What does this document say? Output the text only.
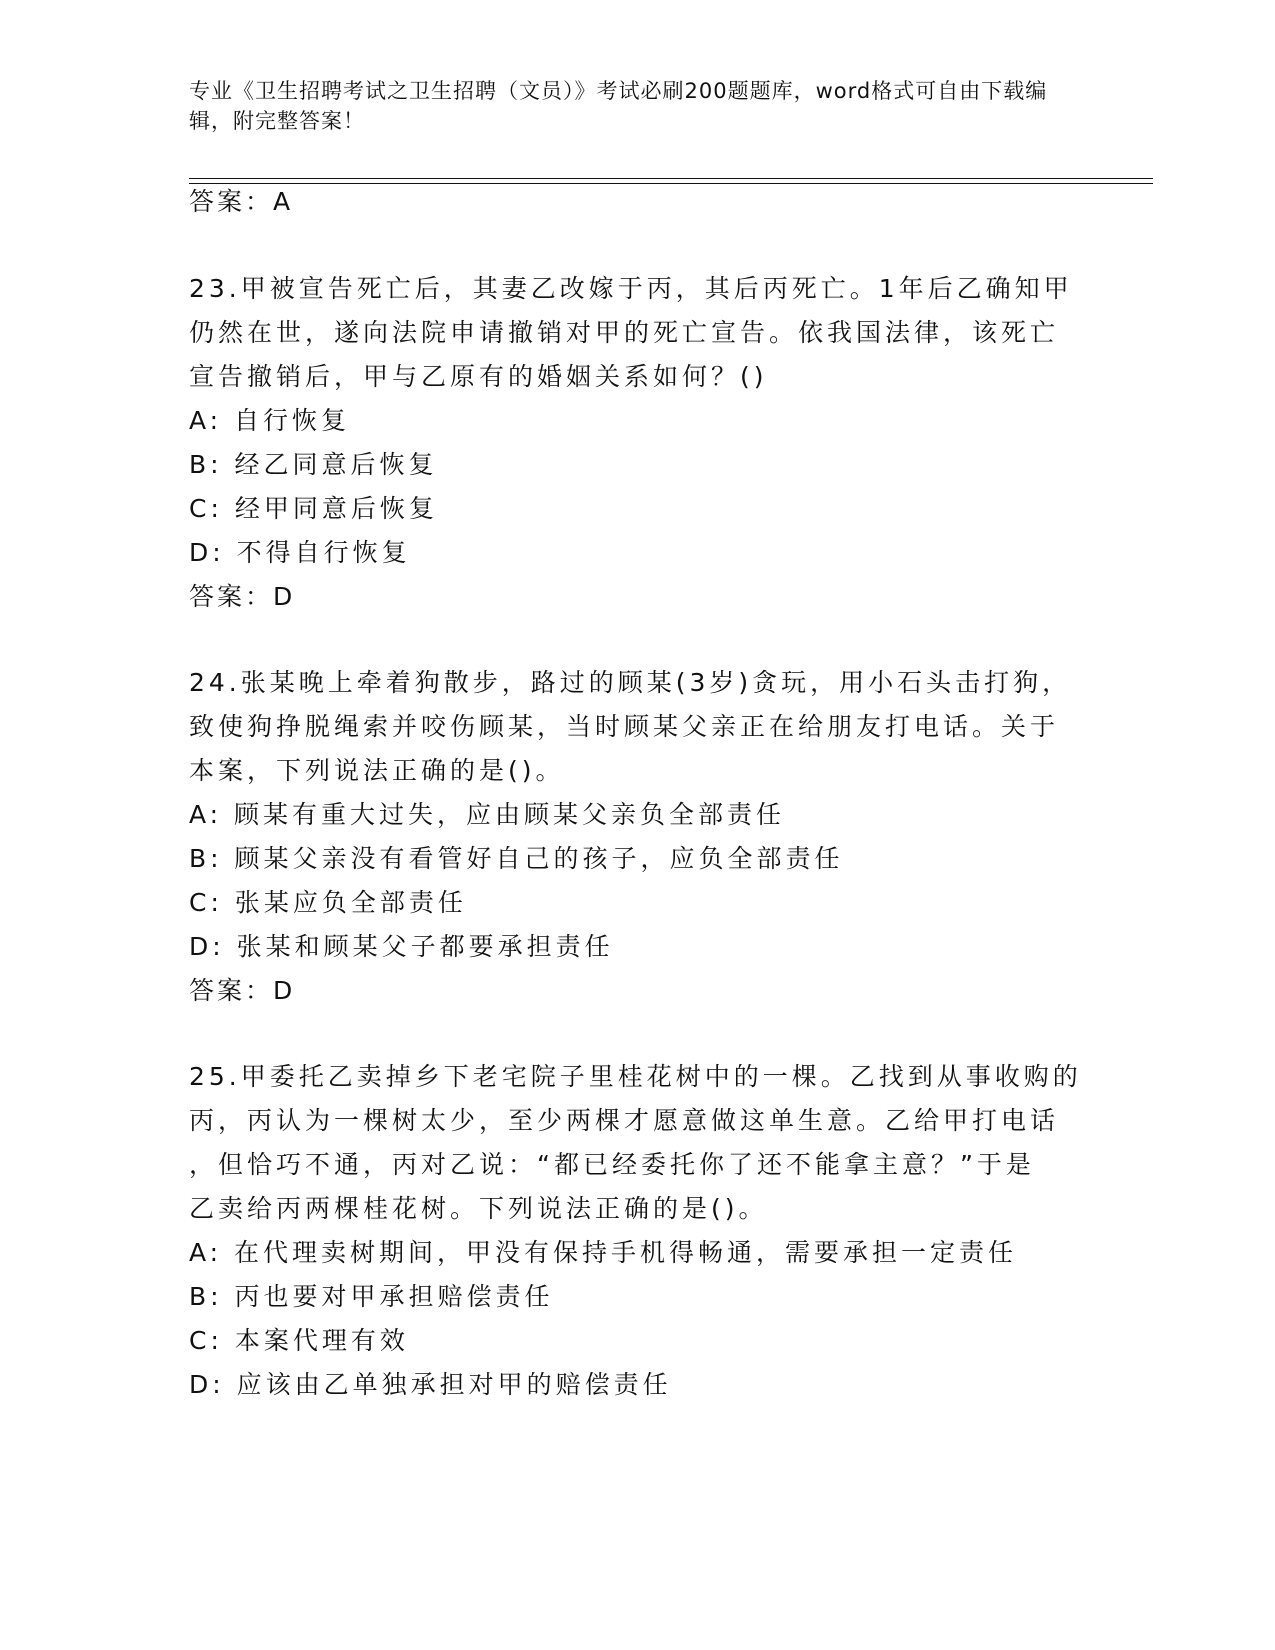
专业《卫生招聘考试之卫生招聘（文员）》考试必刷200题题库，word格式可自由下载编辑，附完整答案！
答案：A
23.甲被宣告死亡后，其妻乙改嫁于丙，其后丙死亡。1年后乙确知甲
仍然在世，遂向法院申请撤销对甲的死亡宣告。依我国法律，该死亡
宣告撤销后，甲与乙原有的婚姻关系如何？()
A: 自行恢复
B: 经乙同意后恢复
C: 经甲同意后恢复
D: 不得自行恢复
答案：D
24.张某晚上牵着狗散步，路过的顾某(3岁)贪玩，用小石头击打狗，
致使狗挣脱绳索并咬伤顾某，当时顾某父亲正在给朋友打电话。关于
本案，下列说法正确的是()。
A: 顾某有重大过失，应由顾某父亲负全部责任
B: 顾某父亲没有看管好自己的孩子，应负全部责任
C: 张某应负全部责任
D: 张某和顾某父子都要承担责任
答案：D
25.甲委托乙卖掉乡下老宅院子里桂花树中的一棵。乙找到从事收购的
丙，丙认为一棵树太少，至少两棵才愿意做这单生意。乙给甲打电话
，但恰巧不通，丙对乙说：“都已经委托你了还不能拿主意？”于是
乙卖给丙两棵桂花树。下列说法正确的是()。
A: 在代理卖树期间，甲没有保持手机得畅通，需要承担一定责任
B: 丙也要对甲承担赔偿责任
C: 本案代理有效
D: 应该由乙单独承担对甲的赔偿责任
